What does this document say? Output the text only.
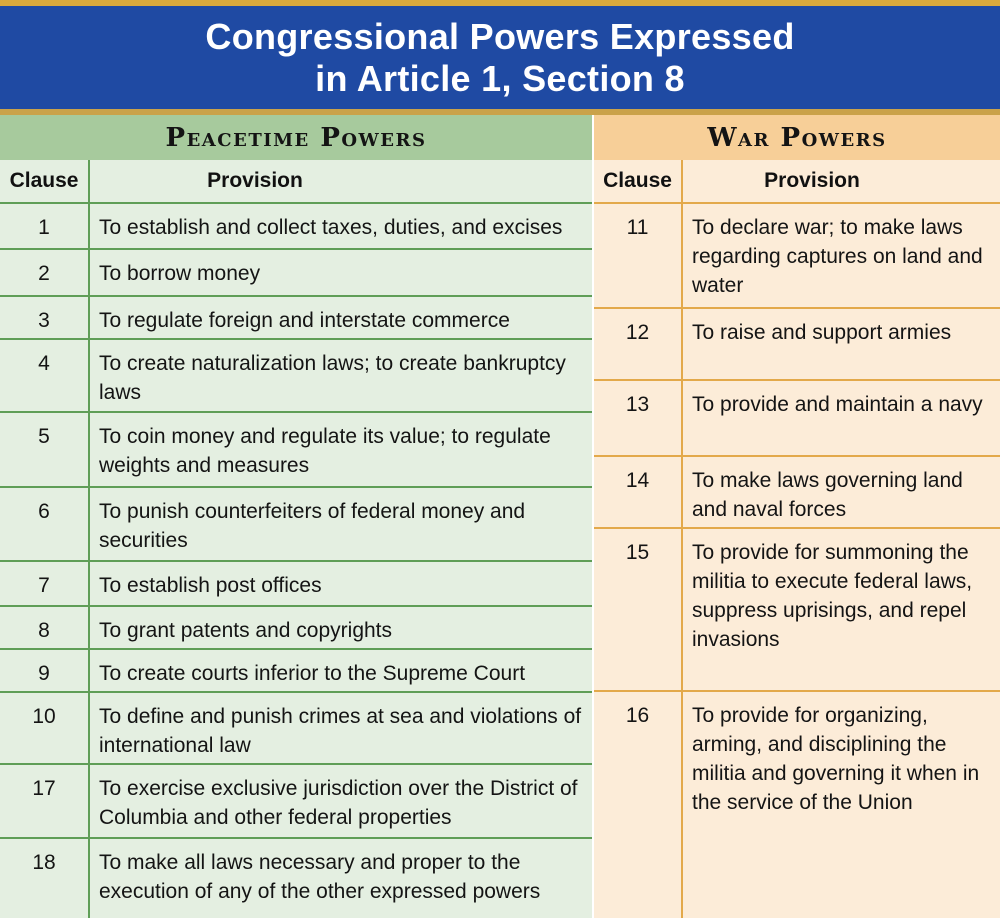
Congressional Powers Expressed
in Article 1, Section 8
Peacetime Powers
Clause	Provision
1	To establish and collect taxes, duties, and excises
2	To borrow money
3	To regulate foreign and interstate commerce
4	To create naturalization laws; to create bankruptcy laws
5	To coin money and regulate its value; to regulate weights and measures
6	To punish counterfeiters of federal money and securities
7	To establish post offices
8	To grant patents and copyrights
9	To create courts inferior to the Supreme Court
10	To define and punish crimes at sea and violations of international law
17	To exercise exclusive jurisdiction over the District of Columbia and other federal properties
18	To make all laws necessary and proper to the execution of any of the other expressed powers
War Powers
Clause	Provision
11	To declare war; to make laws regarding captures on land and water
12	To raise and support armies
13	To provide and maintain a navy
14	To make laws governing land and naval forces
15	To provide for summoning the militia to execute federal laws, suppress uprisings, and repel invasions
16	To provide for organizing, arming, and disciplining the militia and governing it when in the service of the Union
